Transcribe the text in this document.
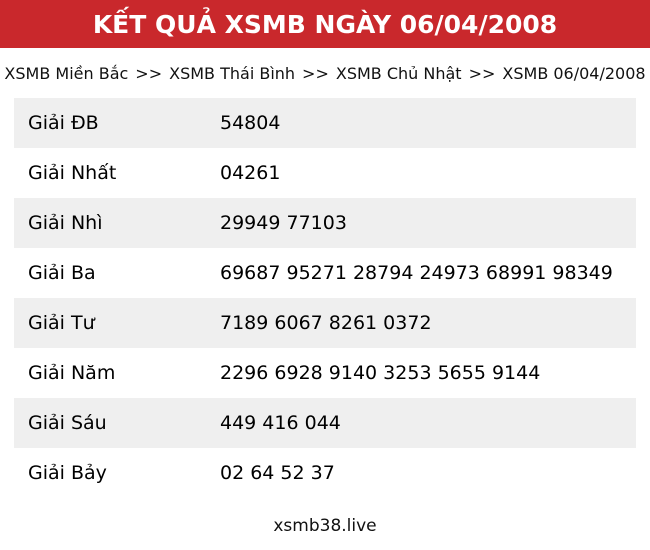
KẾT QUẢ XSMB NGÀY 06/04/2008
XSMB Miền Bắc >> XSMB Thái Bình >> XSMB Chủ Nhật >> XSMB 06/04/2008
Giải ĐB	54804
Giải Nhất	04261
Giải Nhì	29949 77103
Giải Ba	69687 95271 28794 24973 68991 98349
Giải Tư	7189 6067 8261 0372
Giải Năm	2296 6928 9140 3253 5655 9144
Giải Sáu	449 416 044
Giải Bảy	02 64 52 37
xsmb38.live
